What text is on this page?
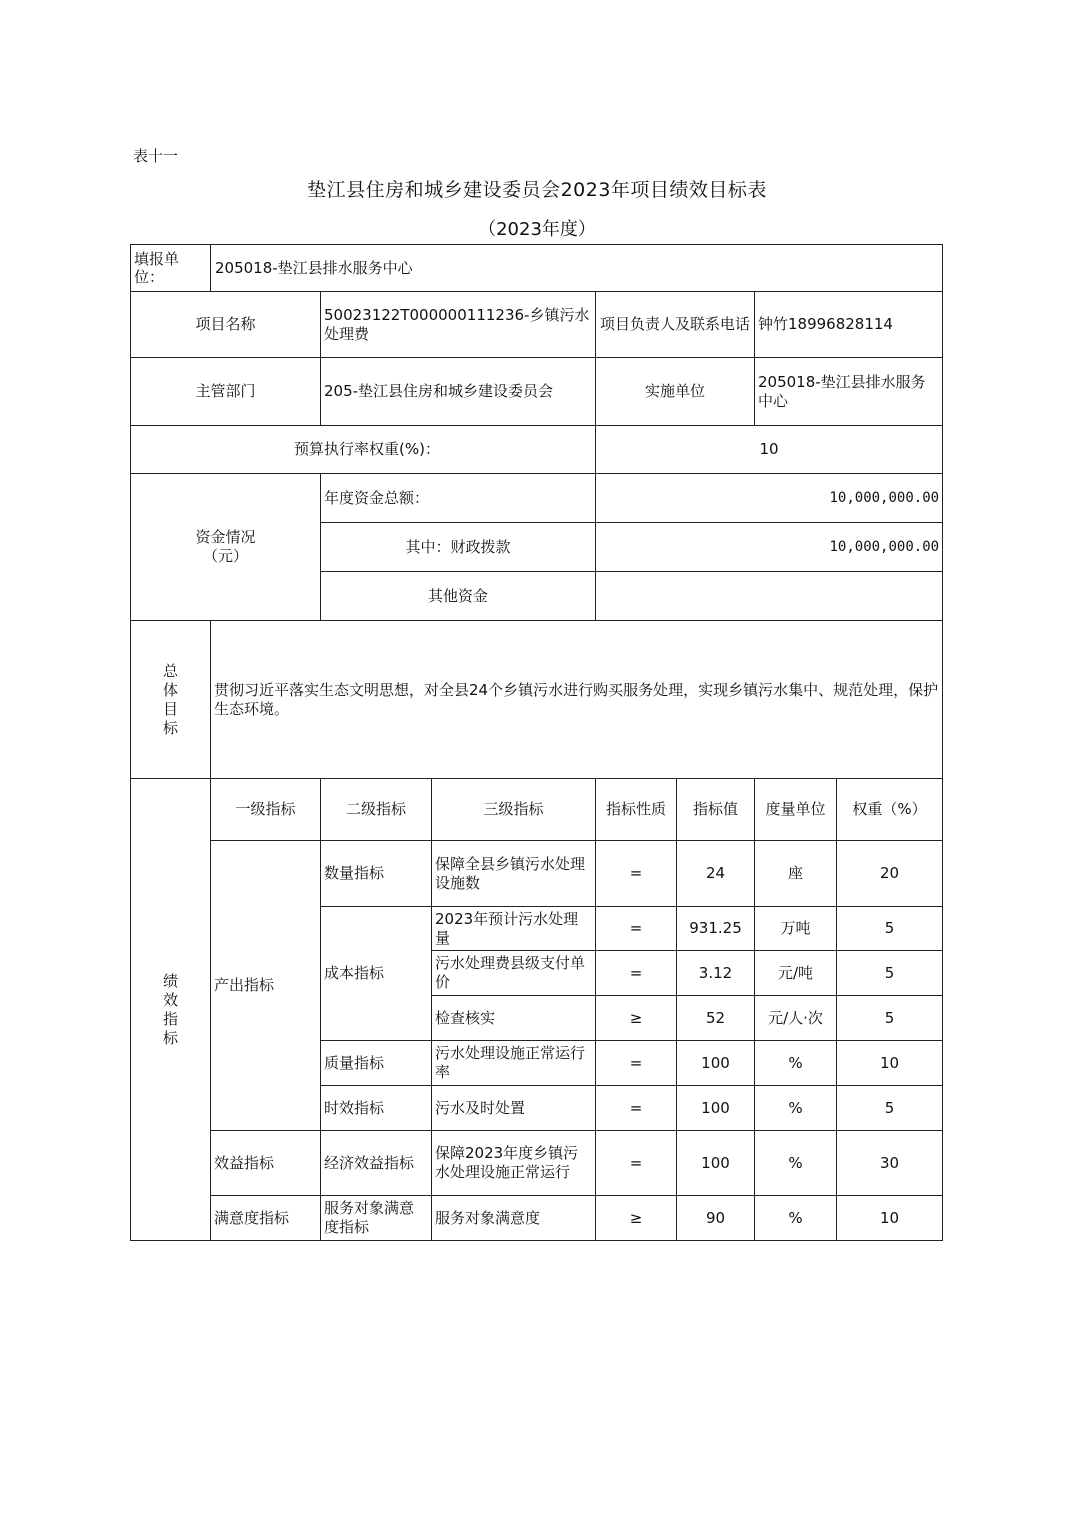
表十一
垫江县住房和城乡建设委员会2023年项目绩效目标表
（2023年度）
填报单位：	205018-垫江县排水服务中心						
项目名称		50023122T000000111236-乡镇污水处理费		项目负责人及联系电话		钟竹18996828114	
主管部门		205-垫江县住房和城乡建设委员会		实施单位		205018-垫江县排水服务中心	
预算执行率权重(%)：				10			

资金情况
（元）		年度资金总额：		10,000,000.00			
		其中：财政拨款		10,000,000.00			
		其他资金					

总
体
目
标	贯彻习近平落实生态文明思想，对全县24个乡镇污水进行购买服务处理，实现乡镇污水集中、规范处理，保护生态环境。						

绩
效
指
标	一级指标	二级指标	三级指标	指标性质	指标值	度量单位	权重（%）
	产出指标	数量指标	保障全县乡镇污水处理设施数	=	24	座	20
		成本指标	2023年预计污水处理量	=	931.25	万吨	5
			污水处理费县级支付单价	=	3.12	元/吨	5
			检查核实	≥	52	元/人·次	5
		质量指标	污水处理设施正常运行率	=	100	%	10
		时效指标	污水及时处置	=	100	%	5
	效益指标	经济效益指标	保障2023年度乡镇污水处理设施正常运行	=	100	%	30
	满意度指标	服务对象满意度指标	服务对象满意度	≥	90	%	10
